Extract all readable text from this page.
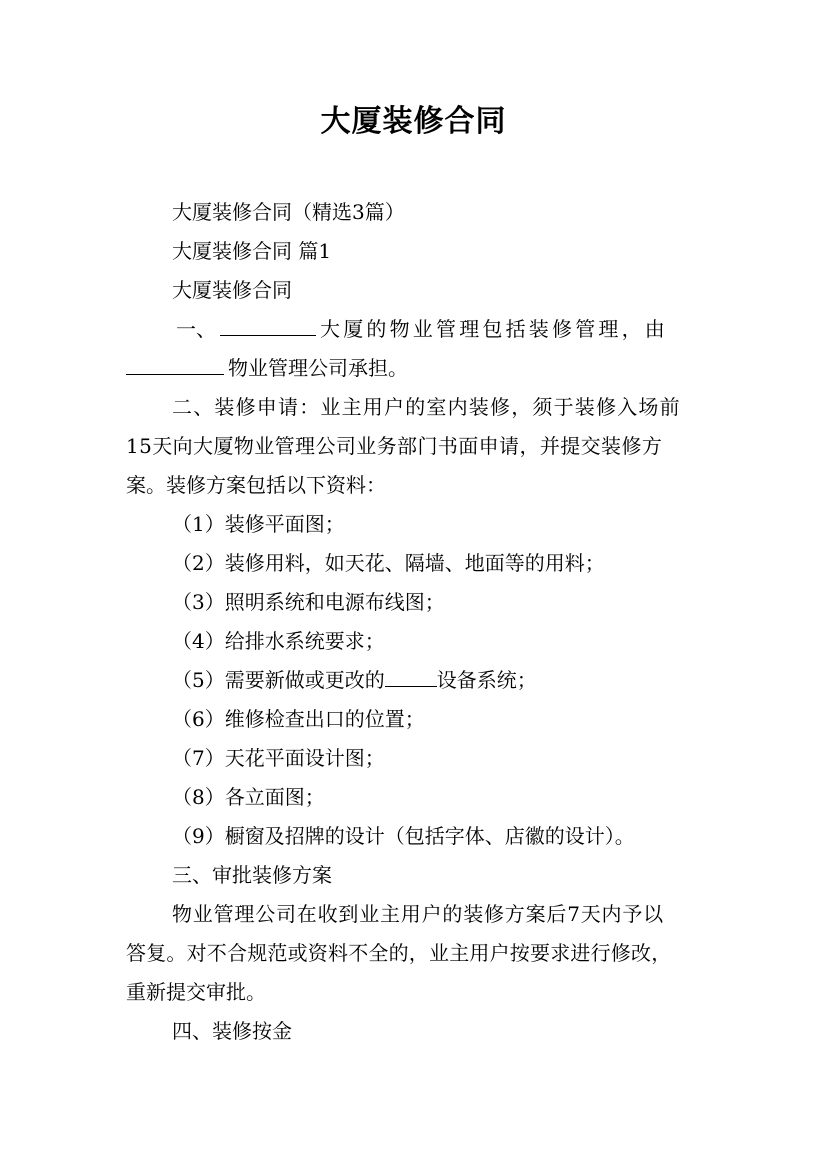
大厦装修合同
大厦装修合同（精选3篇）
大厦装修合同 篇1
大厦装修合同
一、	大厦的物业管理包括装修管理，由
物业管理公司承担。
二、装修申请：业主用户的室内装修，须于装修入场前
15天向大厦物业管理公司业务部门书面申请，并提交装修方
案。装修方案包括以下资料：
（1）装修平面图；
（2）装修用料，如天花、隔墙、地面等的用料；
（3）照明系统和电源布线图；
（4）给排水系统要求；
（5）需要新做或更改的	设备系统；
（6）维修检查出口的位置；
（7）天花平面设计图；
（8）各立面图；
（9）橱窗及招牌的设计（包括字体、店徽的设计）。
三、审批装修方案
物业管理公司在收到业主用户的装修方案后7天内予以
答复。对不合规范或资料不全的，业主用户按要求进行修改，
重新提交审批。
四、装修按金
